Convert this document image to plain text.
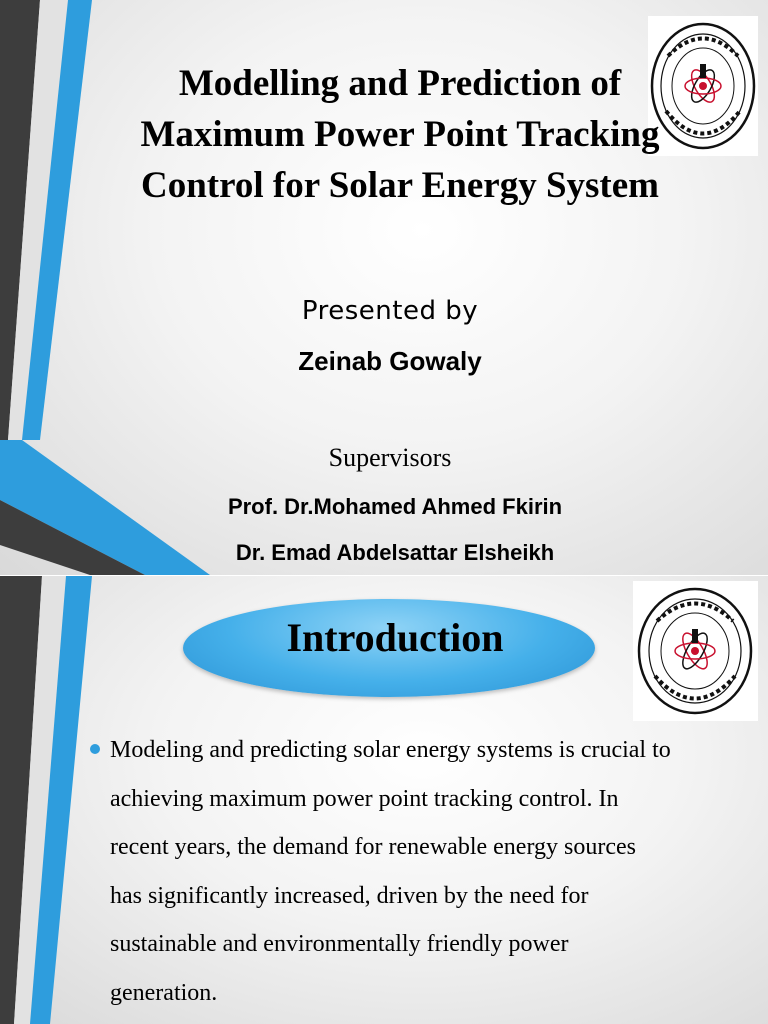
Modelling and Prediction of
Maximum Power Point Tracking
Control for Solar Energy System
Presented by
Zeinab Gowaly
Supervisors
Prof. Dr.Mohamed Ahmed Fkirin
Dr. Emad Abdelsattar Elsheikh
Introduction

Modeling and predicting solar energy systems is crucial to
achieving maximum power point tracking control. In
recent years, the demand for renewable energy sources
has significantly increased, driven by the need for
sustainable and environmentally friendly power
generation.
